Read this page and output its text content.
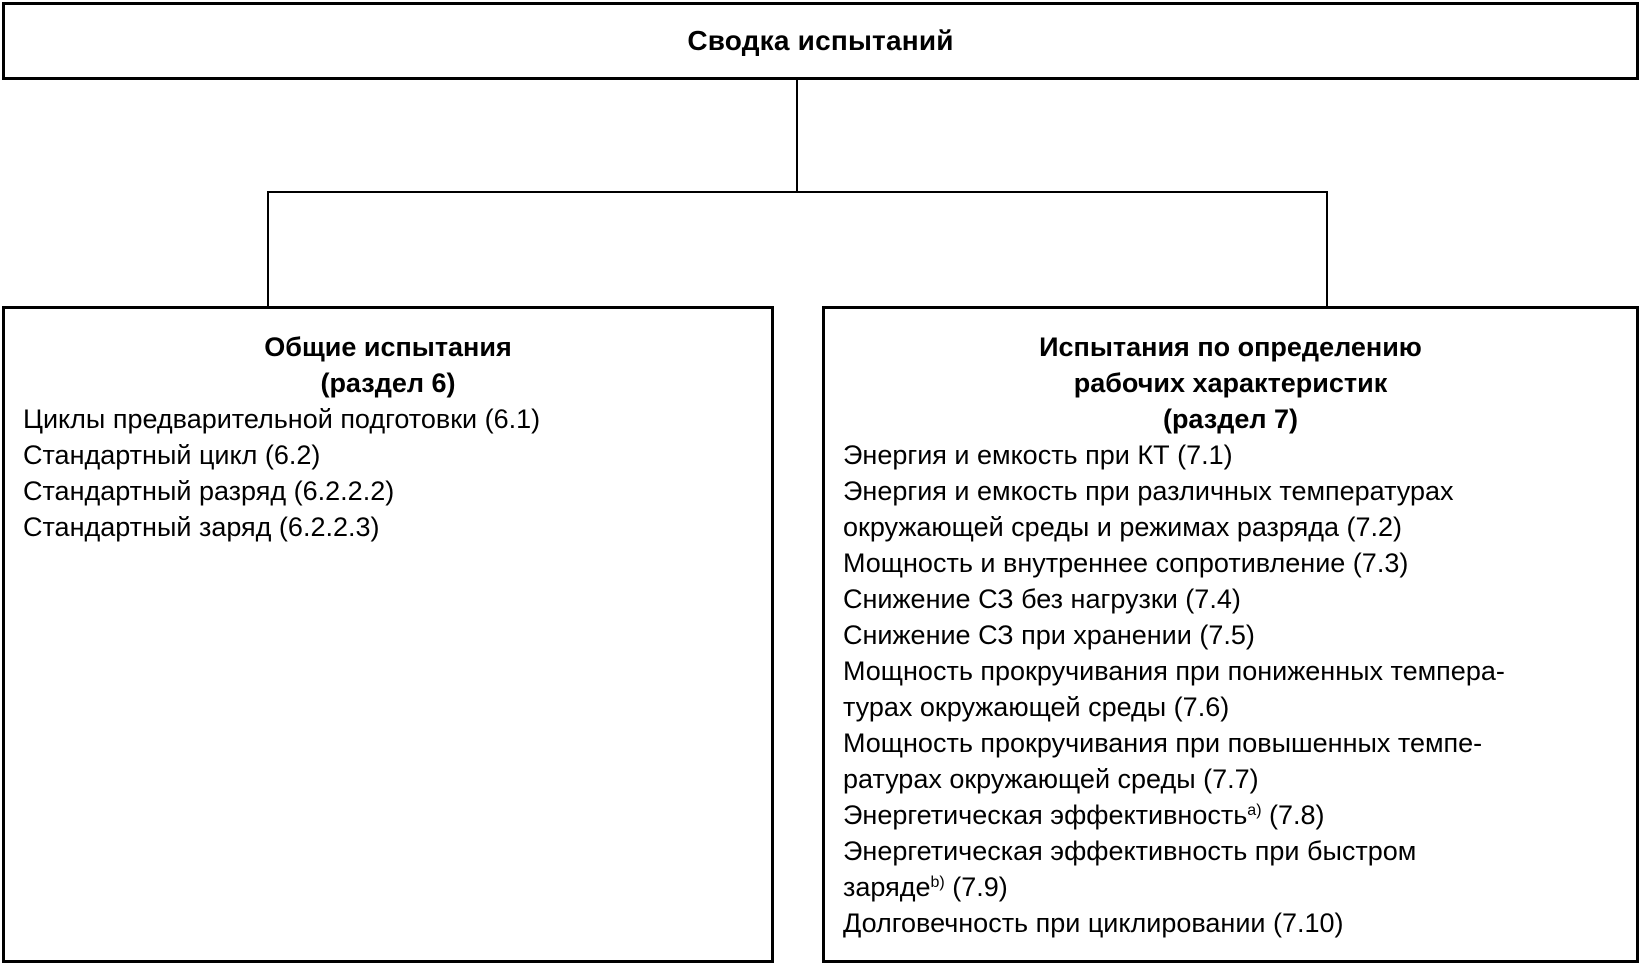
Сводка испытаний
Общие испытания
(раздел 6)
Циклы предварительной подготовки (6.1)
Стандартный цикл (6.2)
Стандартный разряд (6.2.2.2)
Стандартный заряд (6.2.2.3)
Испытания по определению
рабочих характеристик
(раздел 7)
Энергия и емкость при КТ (7.1)
Энергия и емкость при различных температурах
окружающей среды и режимах разряда (7.2)
Мощность и внутреннее сопротивление (7.3)
Снижение СЗ без нагрузки (7.4)
Снижение СЗ при хранении (7.5)
Мощность прокручивания при пониженных темпера-
турах окружающей среды (7.6)
Мощность прокручивания при повышенных темпе-
ратурах окружающей среды (7.7)
Энергетическая эффективность$^{a)}$ (7.8)
Энергетическая эффективность при быстром
заряде$^{b)}$ (7.9)
Долговечность при циклировании (7.10)
